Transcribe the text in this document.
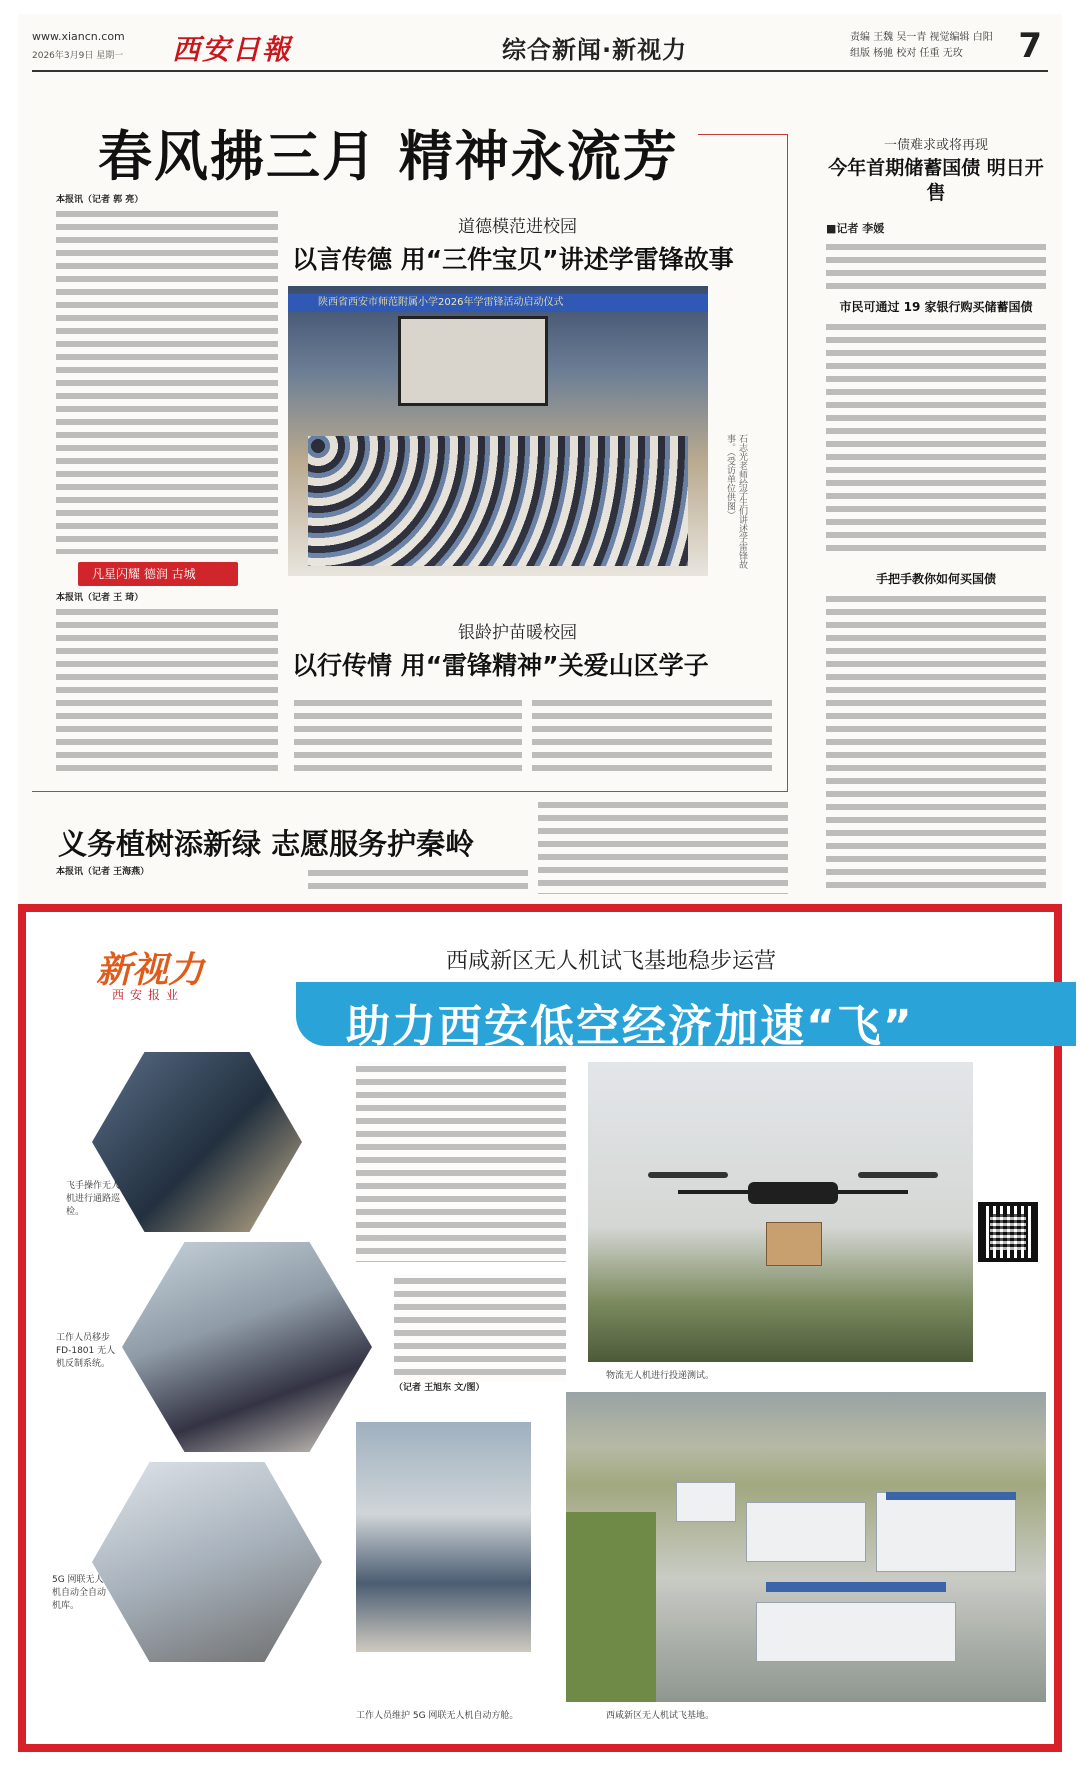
www.xiancn.com
2026年3月9日 星期一 西安日報	综合新闻·新视力	责编 王魏 吴一青 视觉编辑 白阳
组版 杨驰 校对 任重 无玫	7
春风拂三月 精神永流芳
本报讯（记者 郭 亮）
道德模范进校园
以言传德 用“三件宝贝”讲述学雷锋故事
陕西省西安市师范附属小学2026年学雷锋活动启动仪式
石志光老师给学生们讲述学雷锋故事。（受访单位供图）
凡星闪耀 德润 古城
本报讯（记者 王 琦）
银龄护苗暖校园
以行传情 用“雷锋精神”关爱山区学子
义务植树添新绿 志愿服务护秦岭
本报讯（记者 王海燕）
一债难求或将再现
今年首期储蓄国债 明日开售
■记者 李媛
市民可通过 19 家银行购买储蓄国债
手把手教你如何买国债
新视力
西安报业
西咸新区无人机试飞基地稳步运营
助力西安低空经济加速“飞”
飞手操作无人机进行通路巡检。
工作人员移步 FD-1801 无人机反制系统。
5G 网联无人机自动全自动机库。
（记者 王旭东 文/图）
物流无人机进行投递测试。
西咸新区无人机试飞基地。
工作人员维护 5G 网联无人机自动方舱。
